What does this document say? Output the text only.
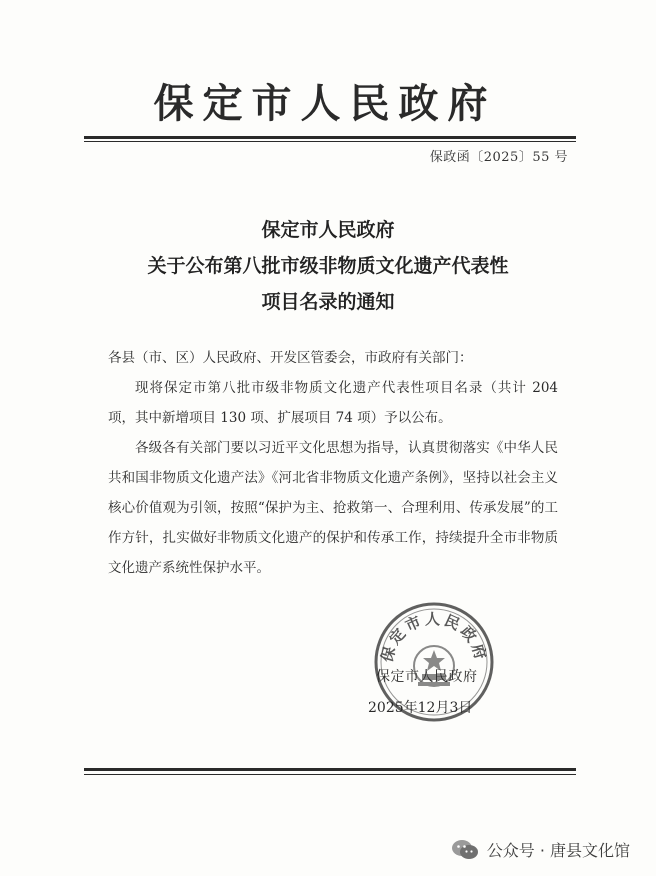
保定市人民政府
保政函〔2025〕55 号
保定市人民政府
关于公布第八批市级非物质文化遗产代表性
项目名录的通知

各县（市、区）人民政府、开发区管委会，市政府有关部门：

现将保定市第八批市级非物质文化遗产代表性项目名录（共计 204 项，其中新增项目 130 项、扩展项目 74 项）予以公布。

各级各有关部门要以习近平文化思想为指导，认真贯彻落实《中华人民共和国非物质文化遗产法》《河北省非物质文化遗产条例》，坚持以社会主义核心价值观为引领，按照“保护为主、抢救第一、合理利用、传承发展”的工作方针，扎实做好非物质文化遗产的保护和传承工作，持续提升全市非物质文化遗产系统性保护水平。

保定市人民政府
保定市人民政府
2025年12月3日
公众号 · 唐县文化馆
